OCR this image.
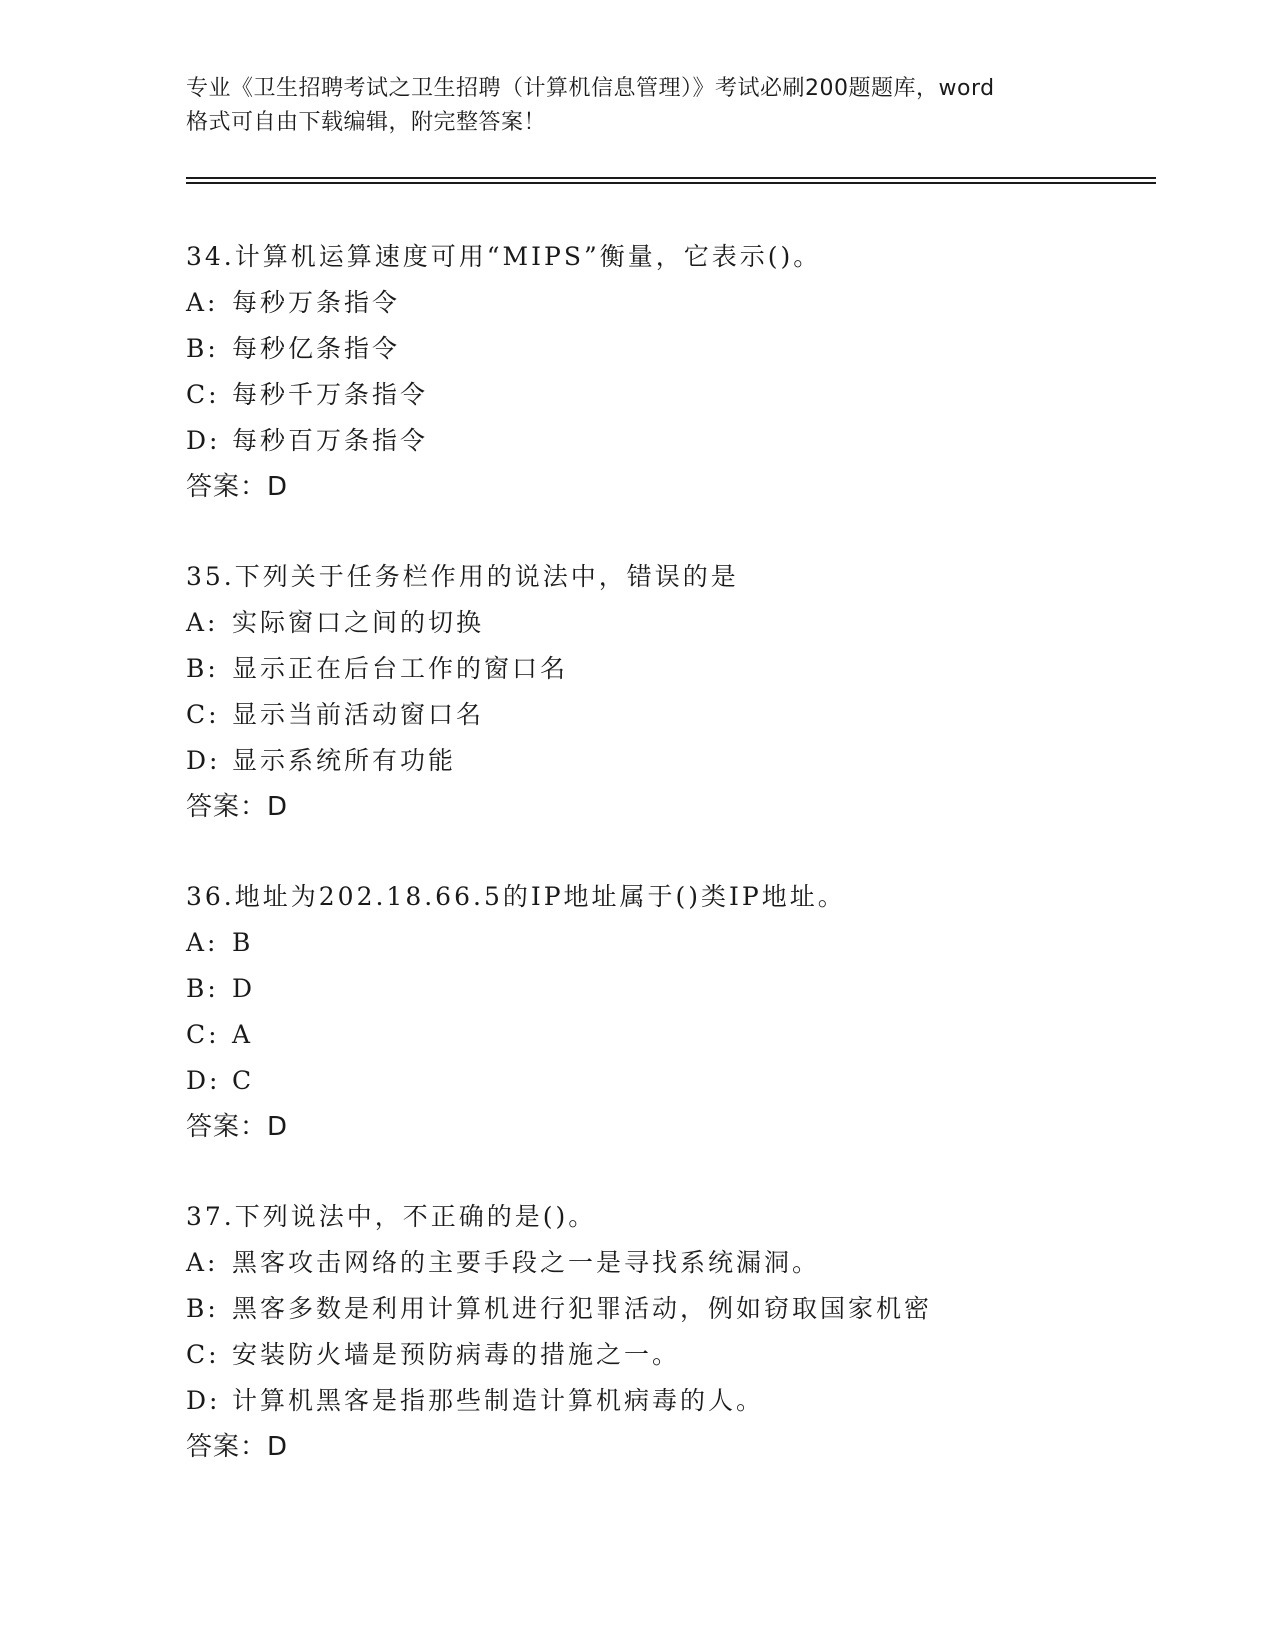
专业《卫生招聘考试之卫生招聘（计算机信息管理）》考试必刷200题题库，word
格式可自由下载编辑，附完整答案！
34.计算机运算速度可用“MIPS”衡量，它表示()。
A: 每秒万条指令
B: 每秒亿条指令
C: 每秒千万条指令
D: 每秒百万条指令
答案：D
35.下列关于任务栏作用的说法中，错误的是
A: 实际窗口之间的切换
B: 显示正在后台工作的窗口名
C: 显示当前活动窗口名
D: 显示系统所有功能
答案：D
36.地址为202.18.66.5的IP地址属于()类IP地址。
A: B
B: D
C: A
D: C
答案：D
37.下列说法中，不正确的是()。
A: 黑客攻击网络的主要手段之一是寻找系统漏洞。
B: 黑客多数是利用计算机进行犯罪活动，例如窃取国家机密
C: 安装防火墙是预防病毒的措施之一。
D: 计算机黑客是指那些制造计算机病毒的人。
答案：D
